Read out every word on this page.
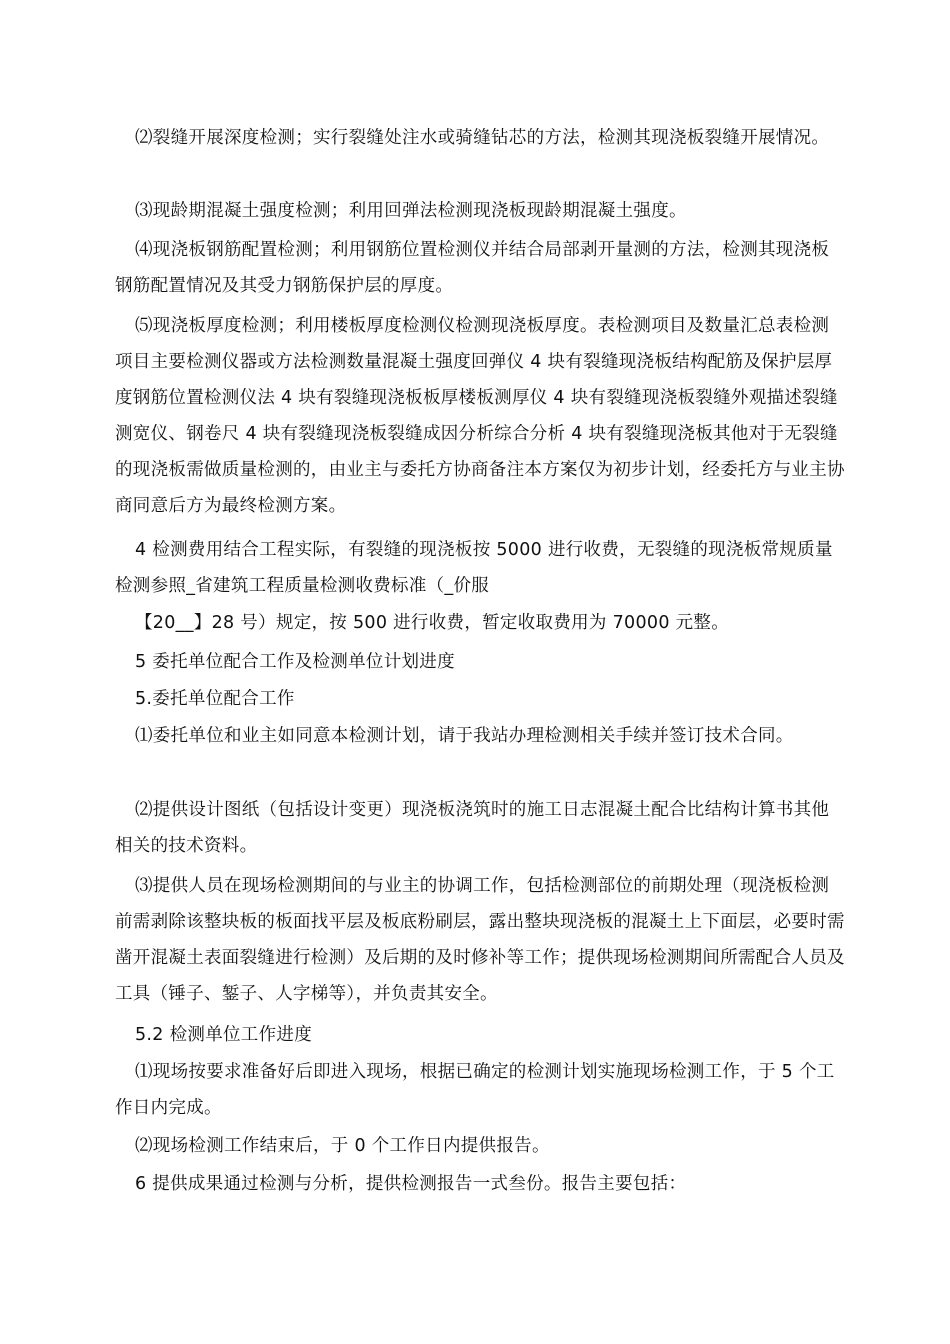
⑵裂缝开展深度检测；实行裂缝处注水或骑缝钻芯的方法，检测其现浇板裂缝开展情况。

⑶现龄期混凝土强度检测；利用回弹法检测现浇板现龄期混凝土强度。

⑷现浇板钢筋配置检测；利用钢筋位置检测仪并结合局部剥开量测的方法，检测其现浇板钢筋配置情况及其受力钢筋保护层的厚度。

⑸现浇板厚度检测；利用楼板厚度检测仪检测现浇板厚度。表检测项目及数量汇总表检测项目主要检测仪器或方法检测数量混凝土强度回弹仪 4 块有裂缝现浇板结构配筋及保护层厚度钢筋位置检测仪法 4 块有裂缝现浇板板厚楼板测厚仪 4 块有裂缝现浇板裂缝外观描述裂缝测宽仪、钢卷尺 4 块有裂缝现浇板裂缝成因分析综合分析 4 块有裂缝现浇板其他对于无裂缝的现浇板需做质量检测的，由业主与委托方协商备注本方案仅为初步计划，经委托方与业主协商同意后方为最终检测方案。

4 检测费用结合工程实际，有裂缝的现浇板按 5000 进行收费，无裂缝的现浇板常规质量检测参照_省建筑工程质量检测收费标准（_价服

【20__】28 号）规定，按 500 进行收费，暂定收取费用为 70000 元整。

5 委托单位配合工作及检测单位计划进度

5.委托单位配合工作

⑴委托单位和业主如同意本检测计划，请于我站办理检测相关手续并签订技术合同。

⑵提供设计图纸（包括设计变更）现浇板浇筑时的施工日志混凝土配合比结构计算书其他相关的技术资料。

⑶提供人员在现场检测期间的与业主的协调工作，包括检测部位的前期处理（现浇板检测前需剥除该整块板的板面找平层及板底粉刷层，露出整块现浇板的混凝土上下面层，必要时需凿开混凝土表面裂缝进行检测）及后期的及时修补等工作；提供现场检测期间所需配合人员及工具（锤子、錾子、人字梯等），并负责其安全。

5.2 检测单位工作进度

⑴现场按要求准备好后即进入现场，根据已确定的检测计划实施现场检测工作，于 5 个工作日内完成。

⑵现场检测工作结束后，于 0 个工作日内提供报告。

6 提供成果通过检测与分析，提供检测报告一式叁份。报告主要包括：
